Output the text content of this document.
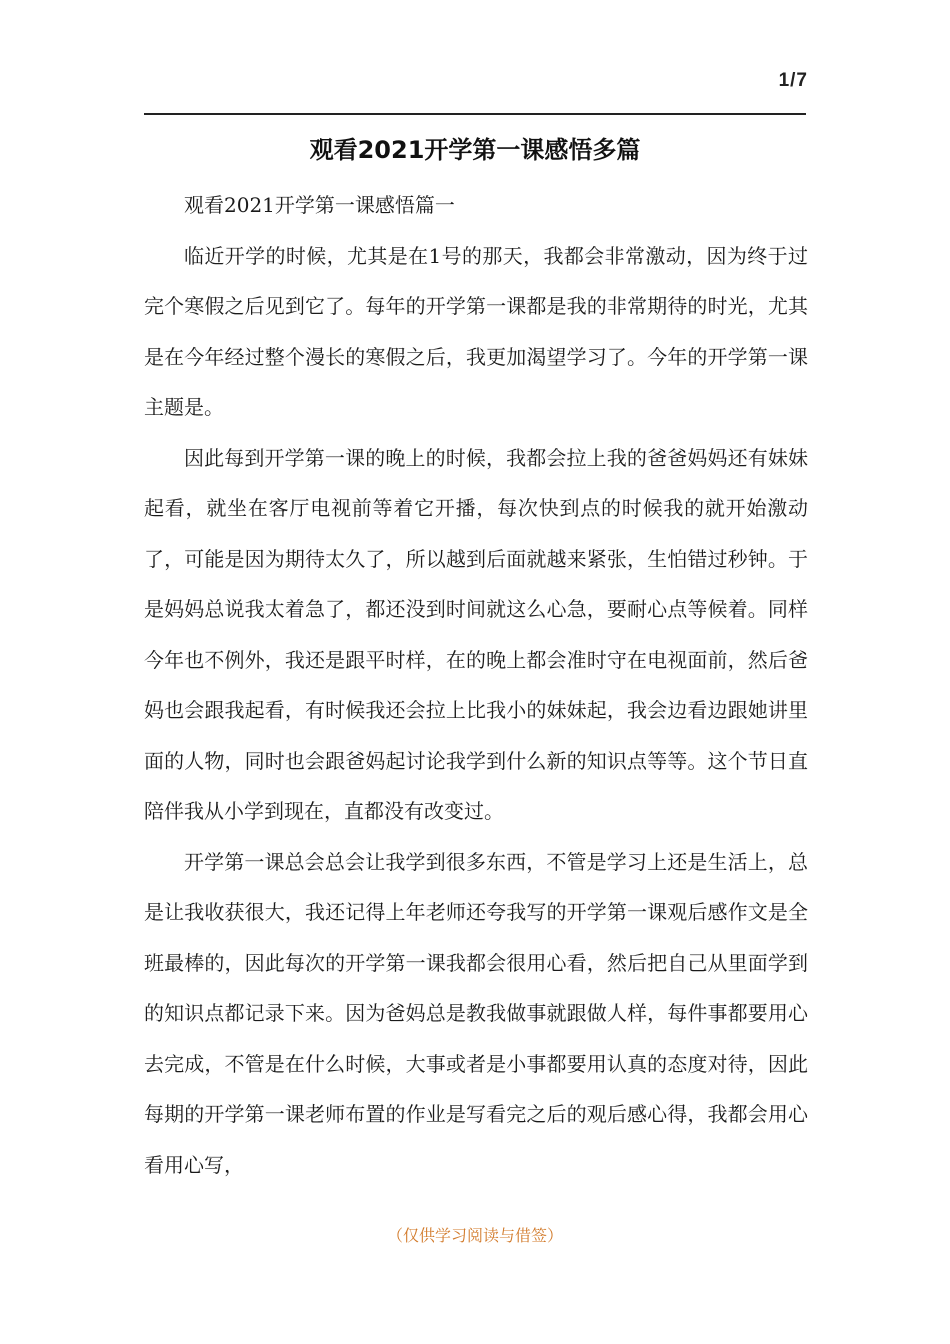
1/7
观看2021开学第一课感悟多篇

观看2021开学第一课感悟篇一

临近开学的时候，尤其是在1号的那天，我都会非常激动，因为终于过完个寒假之后见到它了。每年的开学第一课都是我的非常期待的时光，尤其是在今年经过整个漫长的寒假之后，我更加渴望学习了。今年的开学第一课主题是。

因此每到开学第一课的晚上的时候，我都会拉上我的爸爸妈妈还有妹妹起看，就坐在客厅电视前等着它开播，每次快到点的时候我的就开始激动了，可能是因为期待太久了，所以越到后面就越来紧张，生怕错过秒钟。于是妈妈总说我太着急了，都还没到时间就这么心急，要耐心点等候着。同样今年也不例外，我还是跟平时样，在的晚上都会准时守在电视面前，然后爸妈也会跟我起看，有时候我还会拉上比我小的妹妹起，我会边看边跟她讲里面的人物，同时也会跟爸妈起讨论我学到什么新的知识点等等。这个节日直陪伴我从小学到现在，直都没有改变过。

开学第一课总会总会让我学到很多东西，不管是学习上还是生活上，总是让我收获很大，我还记得上年老师还夸我写的开学第一课观后感作文是全班最棒的，因此每次的开学第一课我都会很用心看，然后把自己从里面学到的知识点都记录下来。因为爸妈总是教我做事就跟做人样，每件事都要用心去完成，不管是在什么时候，大事或者是小事都要用认真的态度对待，因此每期的开学第一课老师布置的作业是写看完之后的观后感心得，我都会用心看用心写，

（仅供学习阅读与借签）
